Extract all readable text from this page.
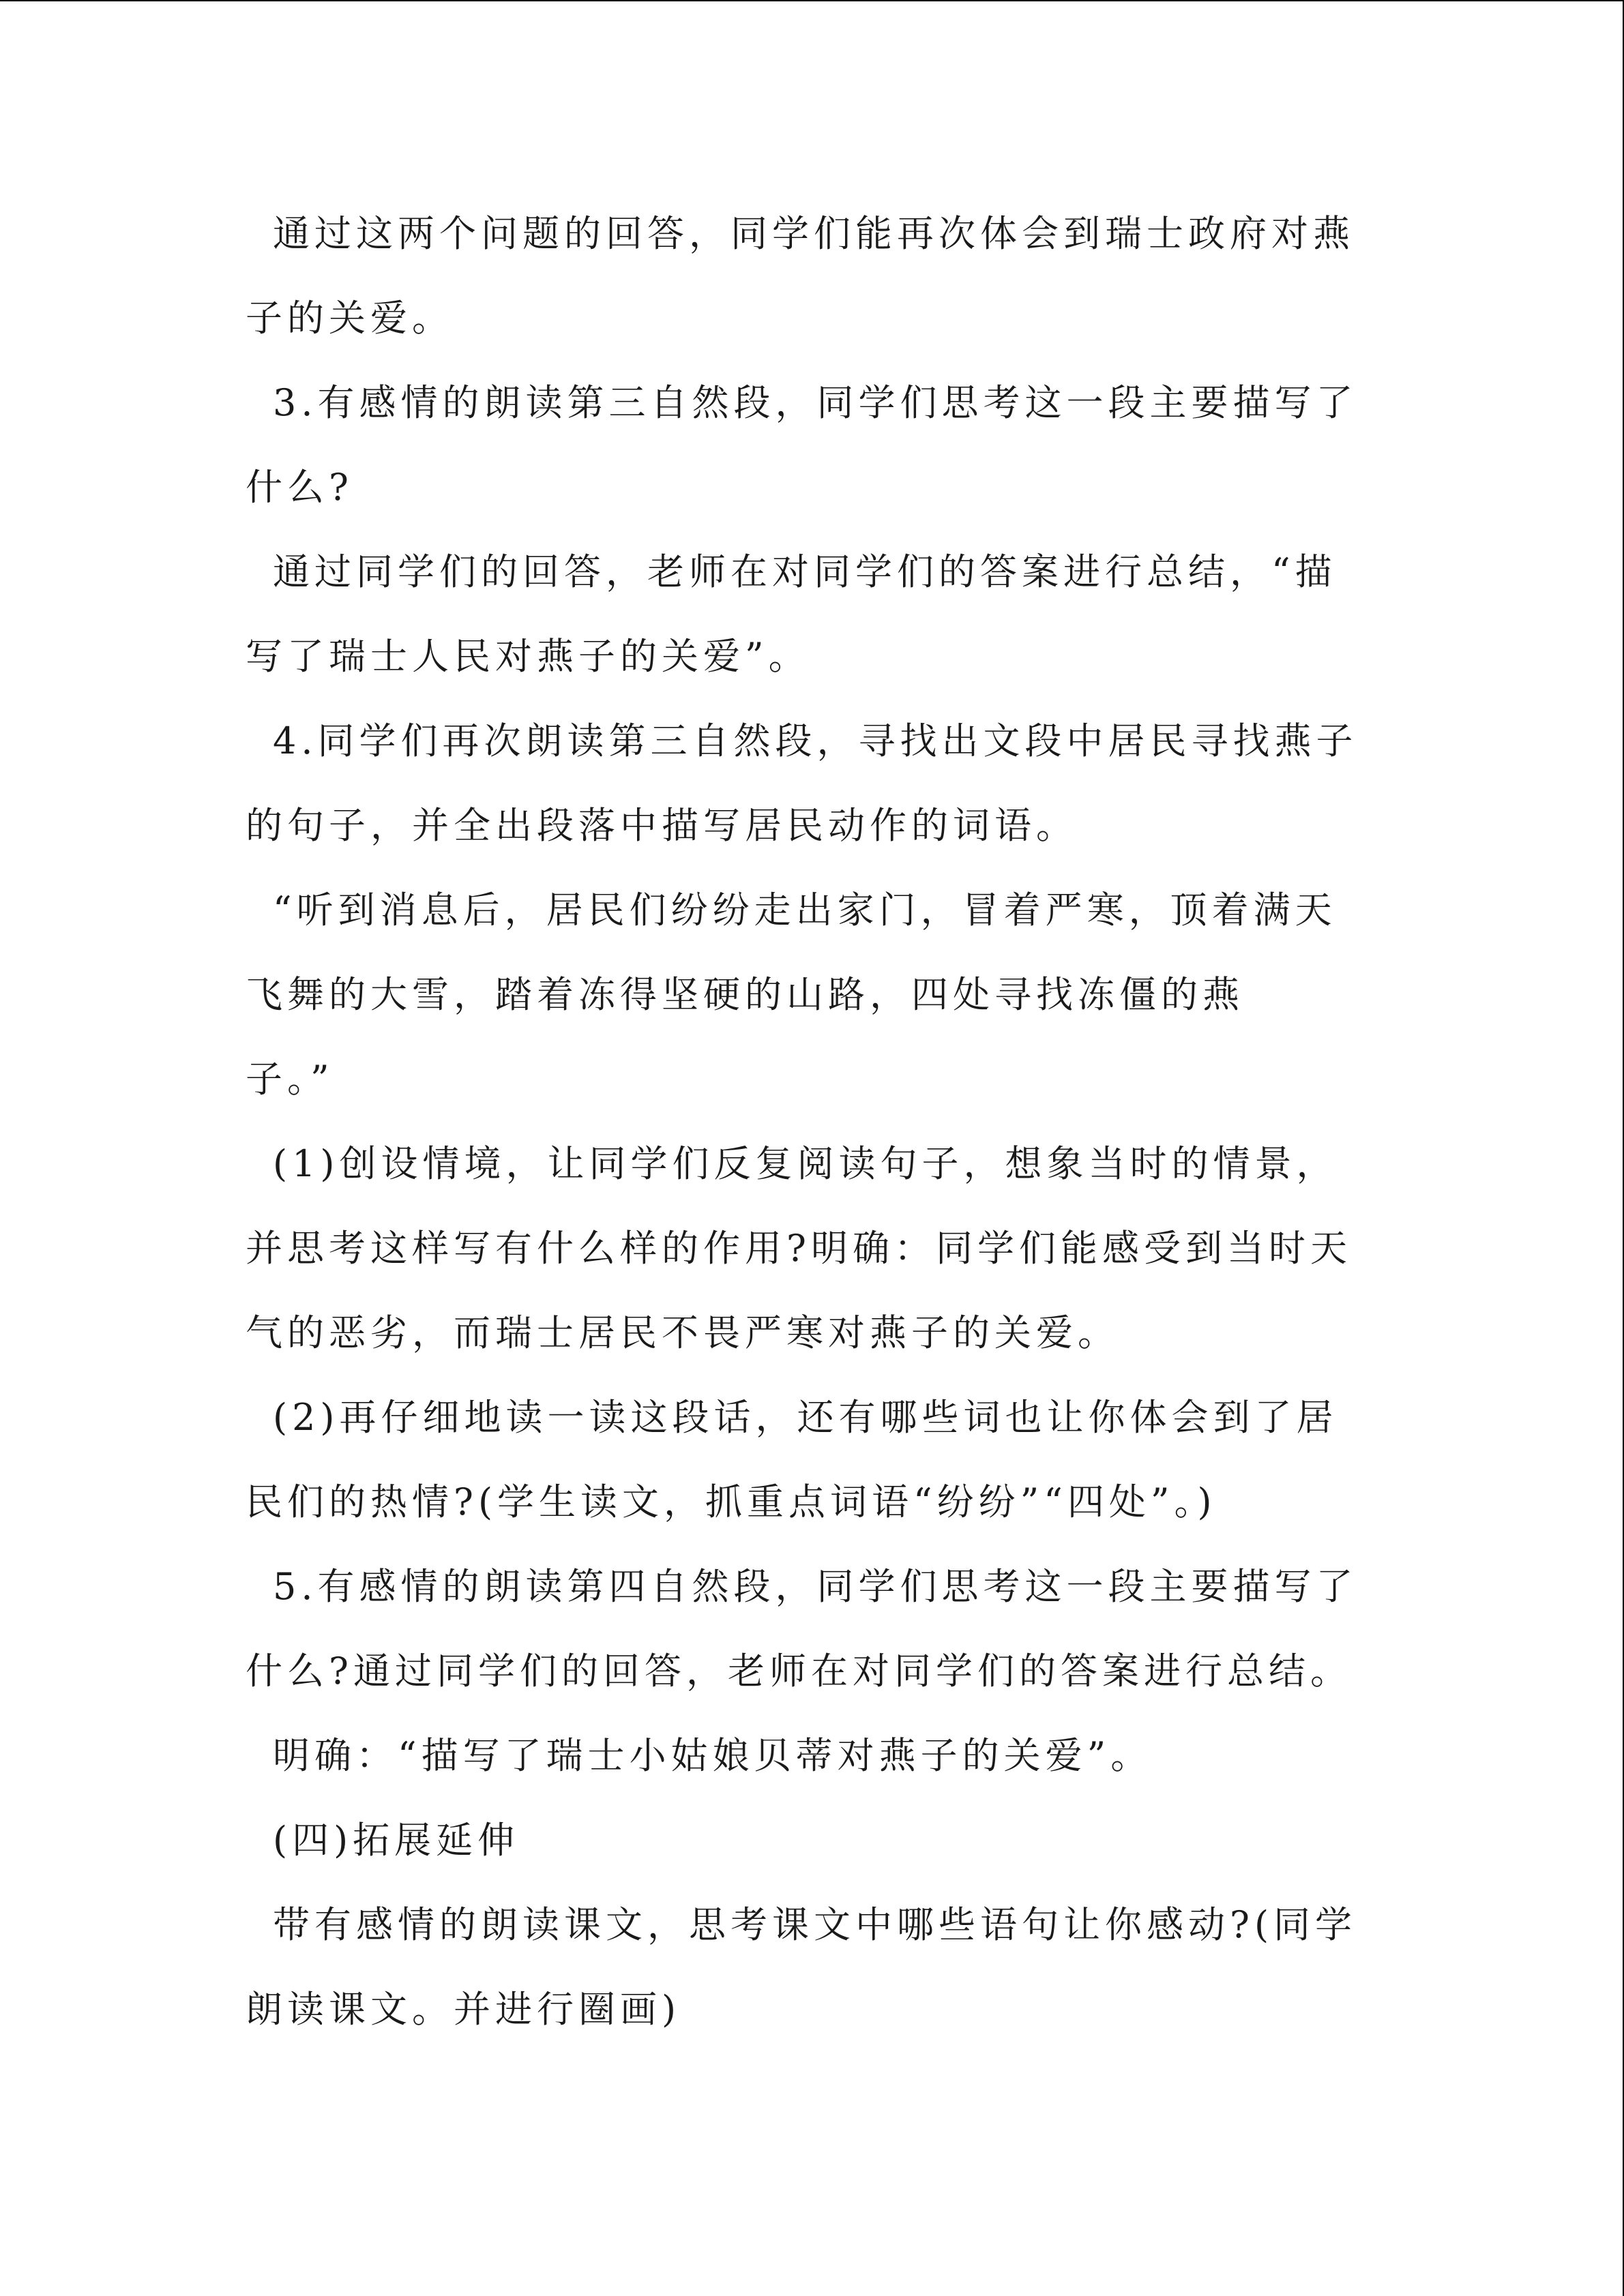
通过这两个问题的回答，同学们能再次体会到瑞士政府对燕
子的关爱。
3.有感情的朗读第三自然段，同学们思考这一段主要描写了
什么?
通过同学们的回答，老师在对同学们的答案进行总结，“描
写了瑞士人民对燕子的关爱”。
4.同学们再次朗读第三自然段，寻找出文段中居民寻找燕子
的句子，并全出段落中描写居民动作的词语。
“听到消息后，居民们纷纷走出家门，冒着严寒，顶着满天
飞舞的大雪，踏着冻得坚硬的山路，四处寻找冻僵的燕
子。”
(1)创设情境，让同学们反复阅读句子，想象当时的情景，
并思考这样写有什么样的作用?明确：同学们能感受到当时天
气的恶劣，而瑞士居民不畏严寒对燕子的关爱。
(2)再仔细地读一读这段话，还有哪些词也让你体会到了居
民们的热情?(学生读文，抓重点词语“纷纷”“四处”。)
5.有感情的朗读第四自然段，同学们思考这一段主要描写了
什么?通过同学们的回答，老师在对同学们的答案进行总结。
明确：“描写了瑞士小姑娘贝蒂对燕子的关爱”。
(四)拓展延伸
带有感情的朗读课文，思考课文中哪些语句让你感动?(同学
朗读课文。并进行圈画)
